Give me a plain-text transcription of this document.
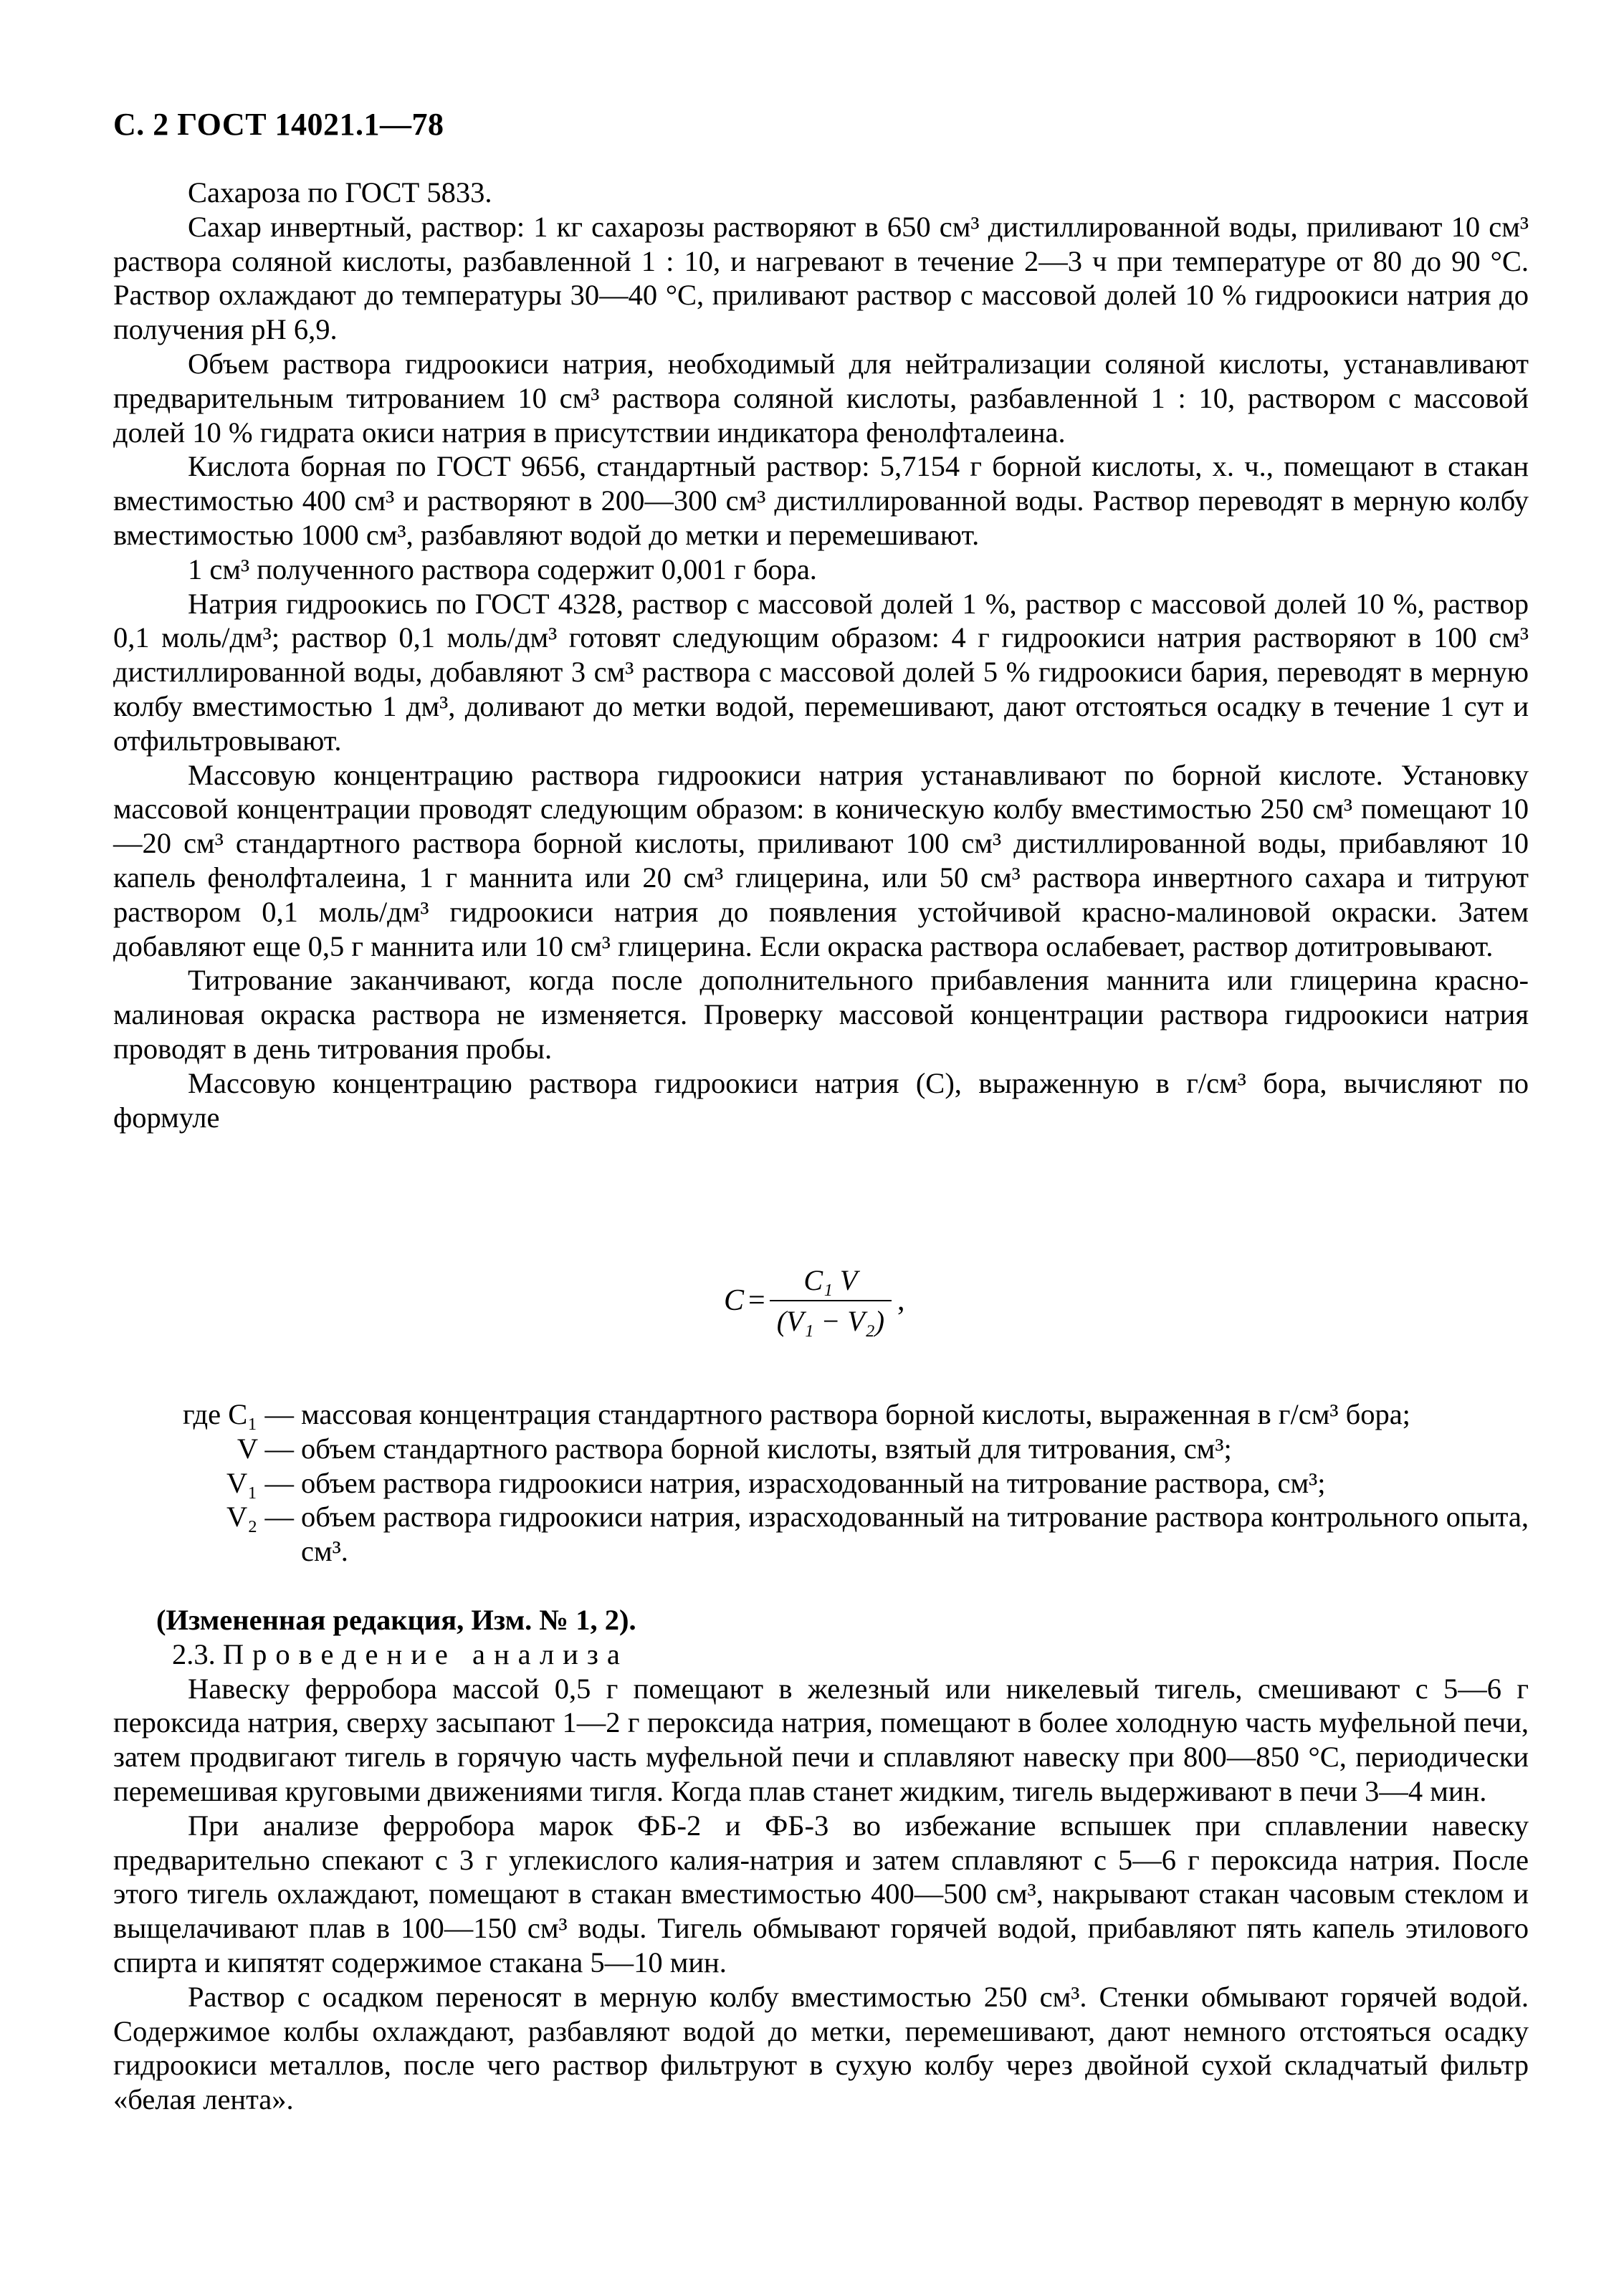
С. 2 ГОСТ 14021.1—78

Сахароза по ГОСТ 5833.

Сахар инвертный, раствор: 1 кг сахарозы растворяют в 650 см³ дистиллированной воды, приливают 10 см³ раствора соляной кислоты, разбавленной 1 : 10, и нагревают в течение 2—3 ч при температуре от 80 до 90 °С. Раствор охлаждают до температуры 30—40 °С, приливают раствор с массовой долей 10 % гидроокиси натрия до получения рН 6,9.

Объем раствора гидроокиси натрия, необходимый для нейтрализации соляной кислоты, устанавливают предварительным титрованием 10 см³ раствора соляной кислоты, разбавленной 1 : 10, раствором с массовой долей 10 % гидрата окиси натрия в присутствии индикатора фенолфталеина.

Кислота борная по ГОСТ 9656, стандартный раствор: 5,7154 г борной кислоты, х. ч., помещают в стакан вместимостью 400 см³ и растворяют в 200—300 см³ дистиллированной воды. Раствор переводят в мерную колбу вместимостью 1000 см³, разбавляют водой до метки и перемешивают.

1 см³ полученного раствора содержит 0,001 г бора.

Натрия гидроокись по ГОСТ 4328, раствор с массовой долей 1 %, раствор с массовой долей 10 %, раствор 0,1 моль/дм³; раствор 0,1 моль/дм³ готовят следующим образом: 4 г гидроокиси натрия растворяют в 100 см³ дистиллированной воды, добавляют 3 см³ раствора с массовой долей 5 % гидроокиси бария, переводят в мерную колбу вместимостью 1 дм³, доливают до метки водой, перемешивают, дают отстояться осадку в течение 1 сут и отфильтровывают.

Массовую концентрацию раствора гидроокиси натрия устанавливают по борной кислоте. Установку массовой концентрации проводят следующим образом: в коническую колбу вместимостью 250 см³ помещают 10—20 см³ стандартного раствора борной кислоты, приливают 100 см³ дистиллированной воды, прибавляют 10 капель фенолфталеина, 1 г маннита или 20 см³ глицерина, или 50 см³ раствора инвертного сахара и титруют раствором 0,1 моль/дм³ гидроокиси натрия до появления устойчивой красно-малиновой окраски. Затем добавляют еще 0,5 г маннита или 10 см³ глицерина. Если окраска раствора ослабевает, раствор дотитровывают.

Титрование заканчивают, когда после дополнительного прибавления маннита или глицерина красно-малиновая окраска раствора не изменяется. Проверку массовой концентрации раствора гидроокиси натрия проводят в день титрования пробы.

Массовую концентрацию раствора гидроокиси натрия (С), выраженную в г/см³ бора, вычисляют по формуле

$C = \frac{\text{C₁ V}}{\text{(V₁ − V₂)}}$ ,
где C₁ — массовая концентрация стандартного раствора борной кислоты, выраженная в г/см³ бора;
V — объем стандартного раствора борной кислоты, взятый для титрования, см³;
V₁ — объем раствора гидроокиси натрия, израсходованный на титрование раствора, см³;
V₂ — объем раствора гидроокиси натрия, израсходованный на титрование раствора контрольного опыта, см³.

(Измененная редакция, Изм. № 1, 2).

2.3. Проведение анализа

Навеску ферробора массой 0,5 г помещают в железный или никелевый тигель, смешивают с 5—6 г пероксида натрия, сверху засыпают 1—2 г пероксида натрия, помещают в более холодную часть муфельной печи, затем продвигают тигель в горячую часть муфельной печи и сплавляют навеску при 800—850 °С, периодически перемешивая круговыми движениями тигля. Когда плав станет жидким, тигель выдерживают в печи 3—4 мин.

При анализе ферробора марок ФБ-2 и ФБ-3 во избежание вспышек при сплавлении навеску предварительно спекают с 3 г углекислого калия-натрия и затем сплавляют с 5—6 г пероксида натрия. После этого тигель охлаждают, помещают в стакан вместимостью 400—500 см³, накрывают стакан часовым стеклом и выщелачивают плав в 100—150 см³ воды. Тигель обмывают горячей водой, прибавляют пять капель этилового спирта и кипятят содержимое стакана 5—10 мин.

Раствор с осадком переносят в мерную колбу вместимостью 250 см³. Стенки обмывают горячей водой. Содержимое колбы охлаждают, разбавляют водой до метки, перемешивают, дают немного отстояться осадку гидроокиси металлов, после чего раствор фильтруют в сухую колбу через двойной сухой складчатый фильтр «белая лента».
